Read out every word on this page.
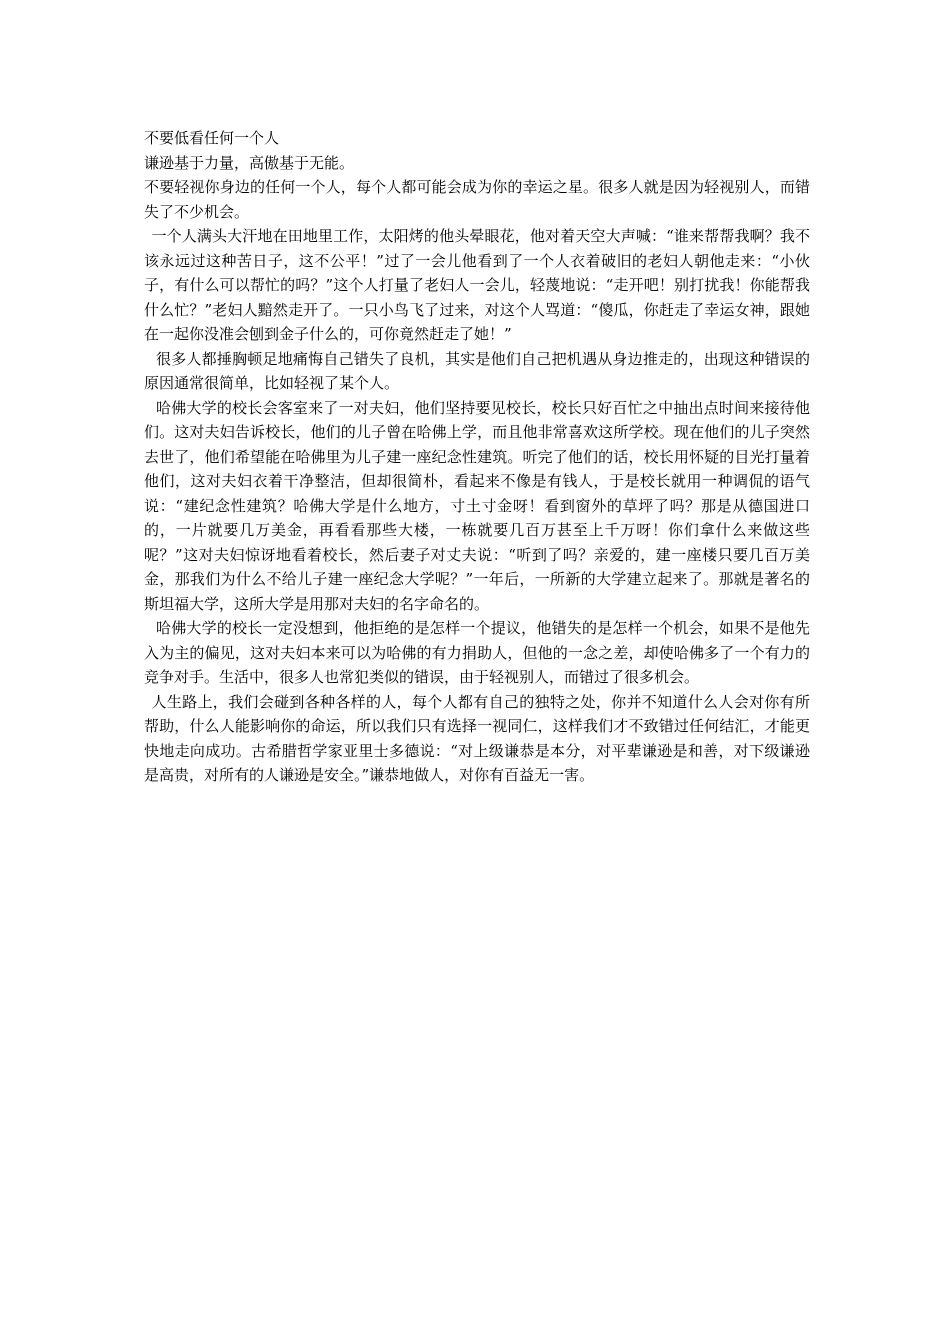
不要低看任何一个人

谦逊基于力量，高傲基于无能。

不要轻视你身边的任何一个人，每个人都可能会成为你的幸运之星。很多人就是因为轻视别人，而错失了不少机会。

一个人满头大汗地在田地里工作，太阳烤的他头晕眼花，他对着天空大声喊：“谁来帮帮我啊？我不该永远过这种苦日子，这不公平！”过了一会儿他看到了一个人衣着破旧的老妇人朝他走来：“小伙子，有什么可以帮忙的吗？”这个人打量了老妇人一会儿，轻蔑地说：“走开吧！别打扰我！你能帮我什么忙？”老妇人黯然走开了。一只小鸟飞了过来，对这个人骂道：“傻瓜，你赶走了幸运女神，跟她在一起你没准会刨到金子什么的，可你竟然赶走了她！”

很多人都捶胸顿足地痛悔自己错失了良机，其实是他们自己把机遇从身边推走的，出现这种错误的原因通常很简单，比如轻视了某个人。

哈佛大学的校长会客室来了一对夫妇，他们坚持要见校长，校长只好百忙之中抽出点时间来接待他们。这对夫妇告诉校长，他们的儿子曾在哈佛上学，而且他非常喜欢这所学校。现在他们的儿子突然去世了，他们希望能在哈佛里为儿子建一座纪念性建筑。听完了他们的话，校长用怀疑的目光打量着他们，这对夫妇衣着干净整洁，但却很简朴，看起来不像是有钱人，于是校长就用一种调侃的语气说：“建纪念性建筑？哈佛大学是什么地方，寸土寸金呀！看到窗外的草坪了吗？那是从德国进口的，一片就要几万美金，再看看那些大楼，一栋就要几百万甚至上千万呀！你们拿什么来做这些呢？”这对夫妇惊讶地看着校长，然后妻子对丈夫说：“听到了吗？亲爱的，建一座楼只要几百万美金，那我们为什么不给儿子建一座纪念大学呢？”一年后，一所新的大学建立起来了。那就是著名的斯坦福大学，这所大学是用那对夫妇的名字命名的。

哈佛大学的校长一定没想到，他拒绝的是怎样一个提议，他错失的是怎样一个机会，如果不是他先入为主的偏见，这对夫妇本来可以为哈佛的有力捐助人，但他的一念之差，却使哈佛多了一个有力的竞争对手。生活中，很多人也常犯类似的错误，由于轻视别人，而错过了很多机会。

人生路上，我们会碰到各种各样的人，每个人都有自己的独特之处，你并不知道什么人会对你有所帮助，什么人能影响你的命运，所以我们只有选择一视同仁，这样我们才不致错过任何结汇，才能更快地走向成功。古希腊哲学家亚里士多德说：“对上级谦恭是本分，对平辈谦逊是和善，对下级谦逊是高贵，对所有的人谦逊是安全。”谦恭地做人，对你有百益无一害。
